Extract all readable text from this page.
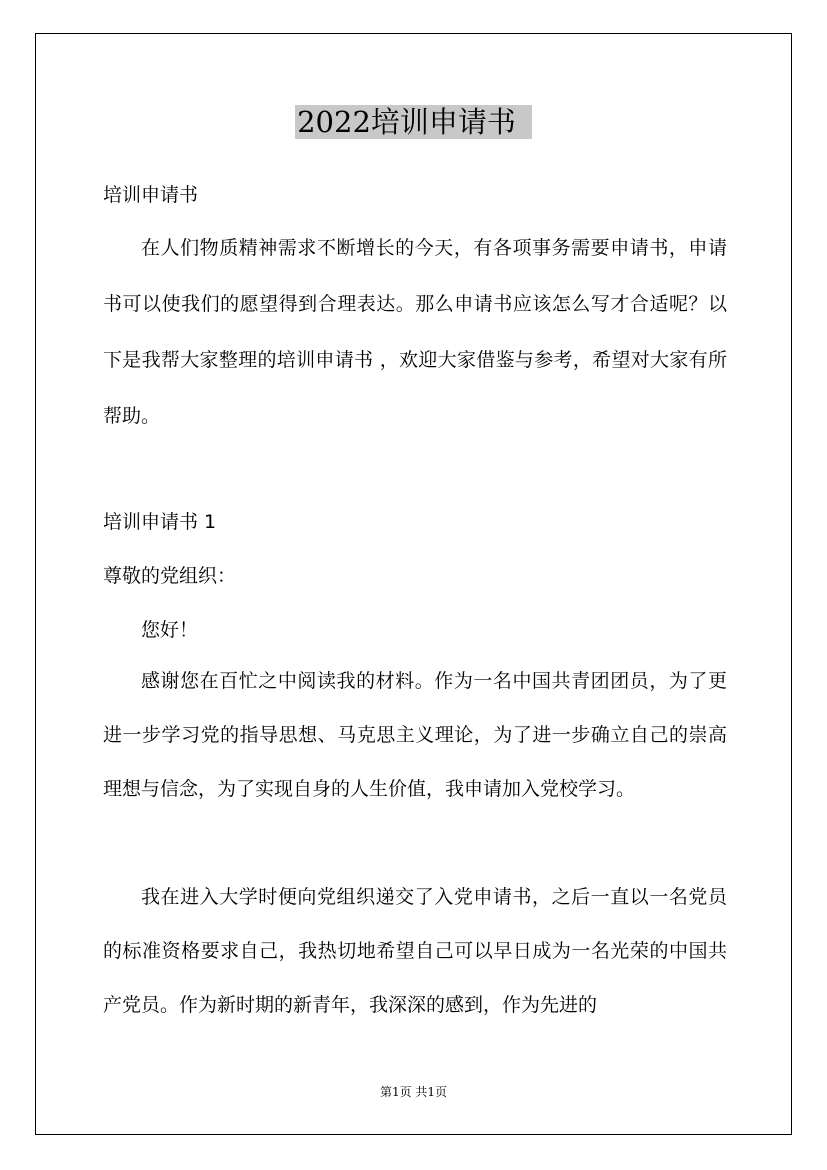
2022培训申请书
培训申请书
在人们物质精神需求不断增长的今天，有各项事务需要申请书，申请书可以使我们的愿望得到合理表达。那么申请书应该怎么写才合适呢？以下是我帮大家整理的培训申请书 ，欢迎大家借鉴与参考，希望对大家有所帮助。
培训申请书 1
尊敬的党组织：
您好！
感谢您在百忙之中阅读我的材料。作为一名中国共青团团员，为了更进一步学习党的指导思想、马克思主义理论，为了进一步确立自己的崇高理想与信念，为了实现自身的人生价值，我申请加入党校学习。
我在进入大学时便向党组织递交了入党申请书，之后一直以一名党员的标准资格要求自己，我热切地希望自己可以早日成为一名光荣的中国共产党员。作为新时期的新青年，我深深的感到，作为先进的
第1页 共1页
